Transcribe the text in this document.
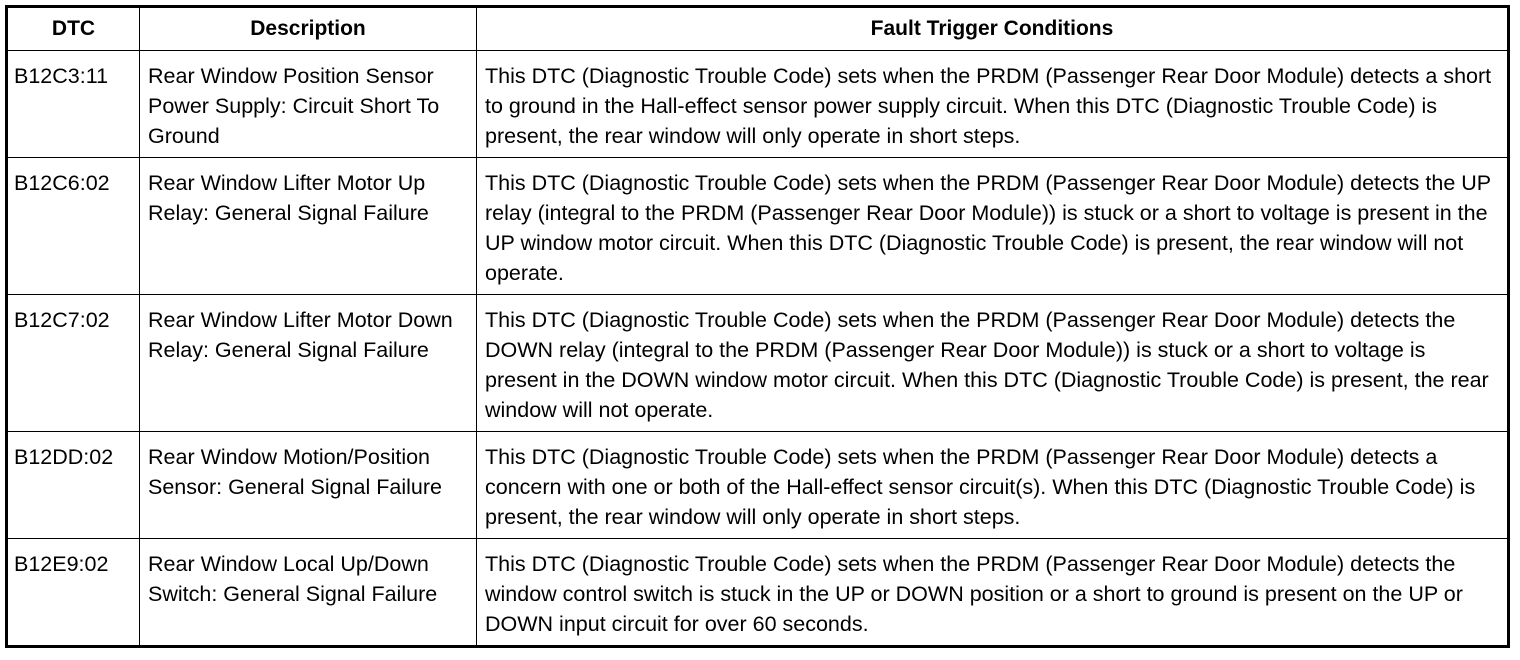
DTC	Description	Fault Trigger Conditions
B12C3:11	Rear Window Position Sensor Power Supply: Circuit Short To Ground	This DTC (Diagnostic Trouble Code) sets when the PRDM (Passenger Rear Door Module) detects a short to ground in the Hall-effect sensor power supply circuit. When this DTC (Diagnostic Trouble Code) is present, the rear window will only operate in short steps.
B12C6:02	Rear Window Lifter Motor Up Relay: General Signal Failure	This DTC (Diagnostic Trouble Code) sets when the PRDM (Passenger Rear Door Module) detects the UP relay (integral to the PRDM (Passenger Rear Door Module)) is stuck or a short to voltage is present in the UP window motor circuit. When this DTC (Diagnostic Trouble Code) is present, the rear window will not operate.
B12C7:02	Rear Window Lifter Motor Down Relay: General Signal Failure	This DTC (Diagnostic Trouble Code) sets when the PRDM (Passenger Rear Door Module) detects the DOWN relay (integral to the PRDM (Passenger Rear Door Module)) is stuck or a short to voltage is present in the DOWN window motor circuit. When this DTC (Diagnostic Trouble Code) is present, the rear window will not operate.
B12DD:02	Rear Window Motion/Position Sensor: General Signal Failure	This DTC (Diagnostic Trouble Code) sets when the PRDM (Passenger Rear Door Module) detects a concern with one or both of the Hall-effect sensor circuit(s). When this DTC (Diagnostic Trouble Code) is present, the rear window will only operate in short steps.
B12E9:02	Rear Window Local Up/Down Switch: General Signal Failure	This DTC (Diagnostic Trouble Code) sets when the PRDM (Passenger Rear Door Module) detects the window control switch is stuck in the UP or DOWN position or a short to ground is present on the UP or DOWN input circuit for over 60 seconds.
